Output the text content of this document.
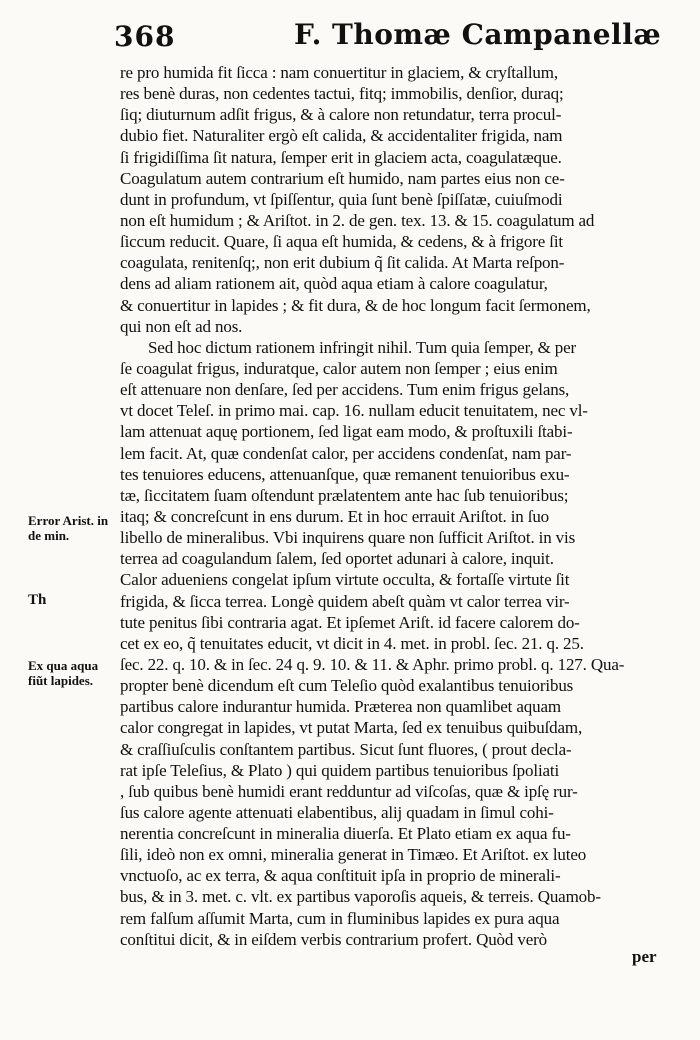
368	F. Thomæ Campanellæ
Error Arist. in de min.
Th
Ex qua aqua fiũt lapides.
re pro humida fit ſicca : nam conuertitur in glaciem, & cryſtallum,
res benè duras, non cedentes tactui, fitq; immobilis, denſior, duraq;
ſiq; diuturnum adſit frigus, & à calore non retundatur, terra procul-
dubio fiet. Naturaliter ergò eſt calida, & accidentaliter frigida, nam
ſi frigidiſſima ſit natura, ſemper erit in glaciem acta, coagulatæque.
Coagulatum autem contrarium eſt humido, nam partes eius non ce-
dunt in profundum, vt ſpiſſentur, quia ſunt benè ſpiſſatæ, cuiuſmodi
non eſt humidum ; & Ariſtot. in 2. de gen. tex. 13. & 15. coagulatum ad
ſiccum reducit. Quare, ſi aqua eſt humida, & cedens, & à frigore ſit
coagulata, renitenſq;, non erit dubium q̃ ſit calida. At Marta reſpon-
dens ad aliam rationem ait, quòd aqua etiam à calore coagulatur,
& conuertitur in lapides ; & fit dura, & de hoc longum facit ſermonem,
qui non eſt ad nos.
Sed hoc dictum rationem infringit nihil. Tum quia ſemper, & per
ſe coagulat frigus, induratque, calor autem non ſemper ; eius enim
eſt attenuare non denſare, ſed per accidens. Tum enim frigus gelans,
vt docet Teleſ. in primo mai. cap. 16. nullam educit tenuitatem, nec vl-
lam attenuat aquę portionem, ſed ligat eam modo, & proſtuxili ſtabi-
lem facit. At, quæ condenſat calor, per accidens condenſat, nam par-
tes tenuiores educens, attenuanſque, quæ remanent tenuioribus exu-
tæ, ſiccitatem ſuam oſtendunt prælatentem ante hac ſub tenuioribus;
itaq; & concreſcunt in ens durum. Et in hoc errauit Ariſtot. in ſuo
libello de mineralibus. Vbi inquirens quare non ſufficit Ariſtot. in vis
terrea ad coagulandum ſalem, ſed oportet adunari à calore, inquit.
Calor adueniens congelat ipſum virtute occulta, & fortaſſe virtute ſit
frigida, & ſicca terrea. Longè quidem abeſt quàm vt calor terrea vir-
tute penitus ſibi contraria agat. Et ipſemet Ariſt. id facere calorem do-
cet ex eo, q̃ tenuitates educit, vt dicit in 4. met. in probl. ſec. 21. q. 25.
ſec. 22. q. 10. & in ſec. 24 q. 9. 10. & 11. & Aphr. primo probl. q. 127. Qua-
propter benè dicendum eſt cum Teleſio quòd exalantibus tenuioribus
partibus calore indurantur humida. Præterea non quamlibet aquam
calor congregat in lapides, vt putat Marta, ſed ex tenuibus quibuſdam,
& craſſiuſculis conſtantem partibus. Sicut ſunt fluores, ( prout decla-
rat ipſe Teleſius, & Plato ) qui quidem partibus tenuioribus ſpoliati
, ſub quibus benè humidi erant redduntur ad viſcoſas, quæ & ipſę rur-
ſus calore agente attenuati elabentibus, alij quadam in ſimul cohi-
nerentia concreſcunt in mineralia diuerſa. Et Plato etiam ex aqua fu-
ſili, ideò non ex omni, mineralia generat in Timæo. Et Ariſtot. ex luteo
vnctuoſo, ac ex terra, & aqua conſtituit ipſa in proprio de minerali-
bus, & in 3. met. c. vlt. ex partibus vaporoſis aqueis, & terreis. Quamob-
rem falſum aſſumit Marta, cum in fluminibus lapides ex pura aqua
conſtitui dicit, & in eiſdem verbis contrarium profert. Quòd verò
per
